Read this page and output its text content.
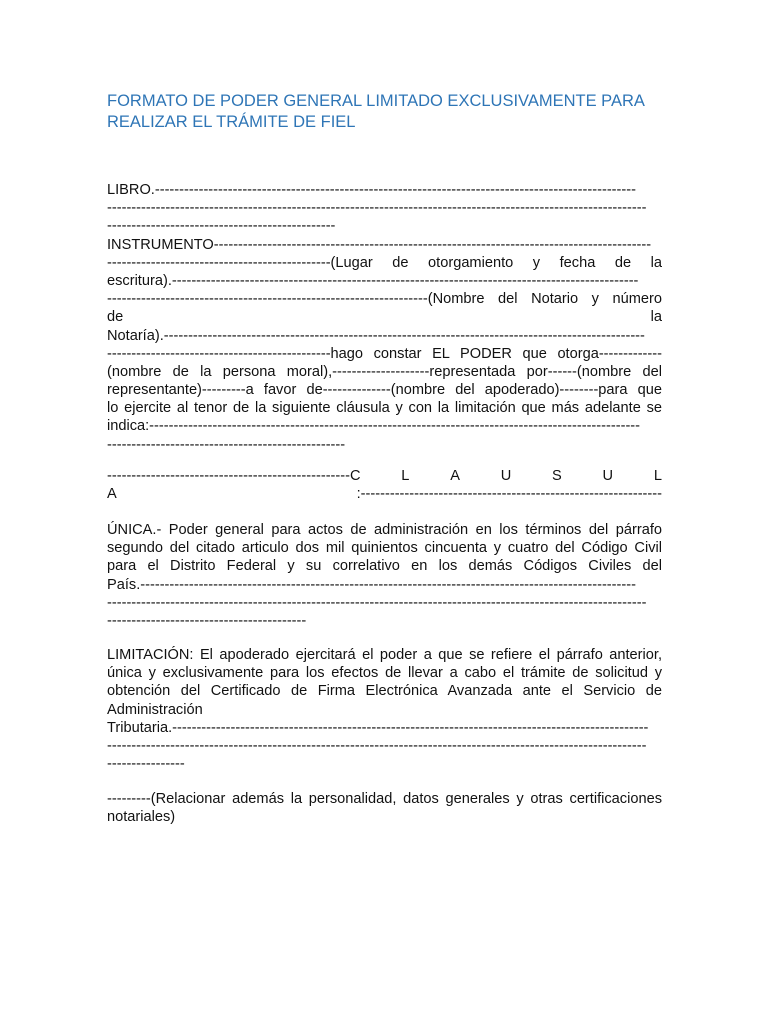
FORMATO DE PODER GENERAL LIMITADO EXCLUSIVAMENTE PARA
REALIZAR EL TRÁMITE DE FIEL
LIBRO.---------------------------------------------------------------------------------------------------
---------------------------------------------------------------------------------------------------------------
-----------------------------------------------
INSTRUMENTO------------------------------------------------------------------------------------------
----------------------------------------------(Lugar de otorgamiento y fecha de la
escritura).------------------------------------------------------------------------------------------------
------------------------------------------------------------------(Nombre del Notario y número
de la
Notaría).---------------------------------------------------------------------------------------------------
----------------------------------------------hago constar EL PODER que otorga-------------
(nombre de la persona moral),--------------------representada por------(nombre del
representante)---------a favor de--------------(nombre del apoderado)--------para que
lo ejercite al tenor de la siguiente cláusula y con la limitación que más adelante se
indica:-----------------------------------------------------------------------------------------------------
-------------------------------------------------
--------------------------------------------------C	L	A	U	S	U	L
A	:--------------------------------------------------------------
ÚNICA.- Poder general para actos de administración en los términos del párrafo
segundo del citado articulo dos mil quinientos cincuenta y cuatro del Código Civil
para el Distrito Federal y su correlativo en los demás Códigos Civiles del
País.------------------------------------------------------------------------------------------------------
---------------------------------------------------------------------------------------------------------------
-----------------------------------------
LIMITACIÓN: El apoderado ejercitará el poder a que se refiere el párrafo anterior,
única y exclusivamente para los efectos de llevar a cabo el trámite de solicitud y
obtención del Certificado de Firma Electrónica Avanzada ante el Servicio de
Administración
Tributaria.--------------------------------------------------------------------------------------------------
---------------------------------------------------------------------------------------------------------------
----------------
---------(Relacionar además la personalidad, datos generales y otras certificaciones
notariales)
